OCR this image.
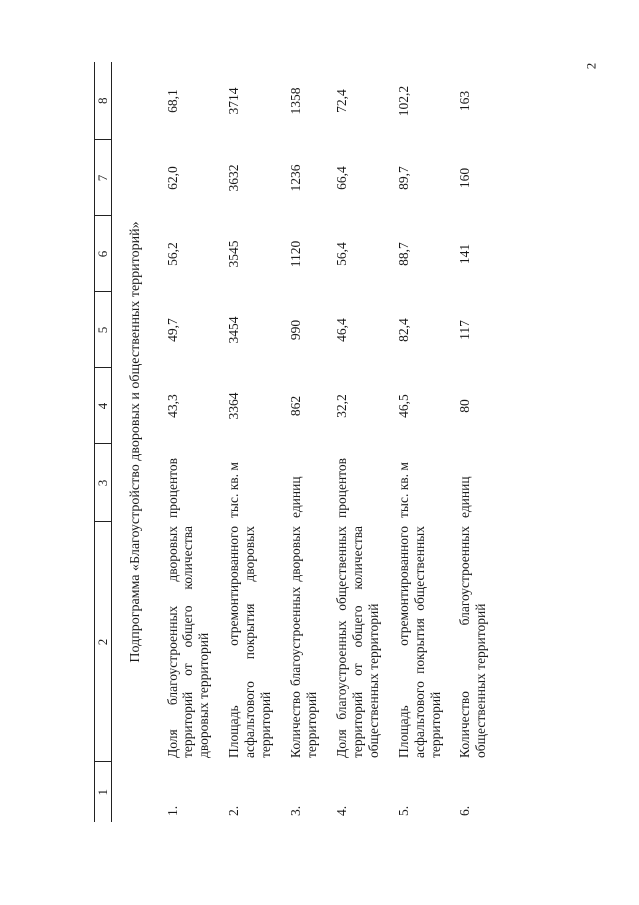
2
1	2	3	4	5	6	7	8
Подпрограмма «Благоустройство дворовых и общественных территорий»							
1.	Доля благоустроенных дворовых территорий от общего количества дворовых территорий	процентов	43,3	49,7	56,2	62,0	68,1
2.	Площадь отремонтированного асфальтового покрытия дворовых территорий	тыс. кв. м	3364	3454	3545	3632	3714
3.	Количество благоустроенных дворовых территорий	единиц	862	990	1120	1236	1358
4.	Доля благоустроенных общественных территорий от общего количества общественных территорий	процентов	32,2	46,4	56,4	66,4	72,4
5.	Площадь отремонтированного асфальтового покрытия общественных территорий	тыс. кв. м	46,5	82,4	88,7	89,7	102,2
6.	Количество благоустроенных общественных территорий	единиц	80	117	141	160	163
